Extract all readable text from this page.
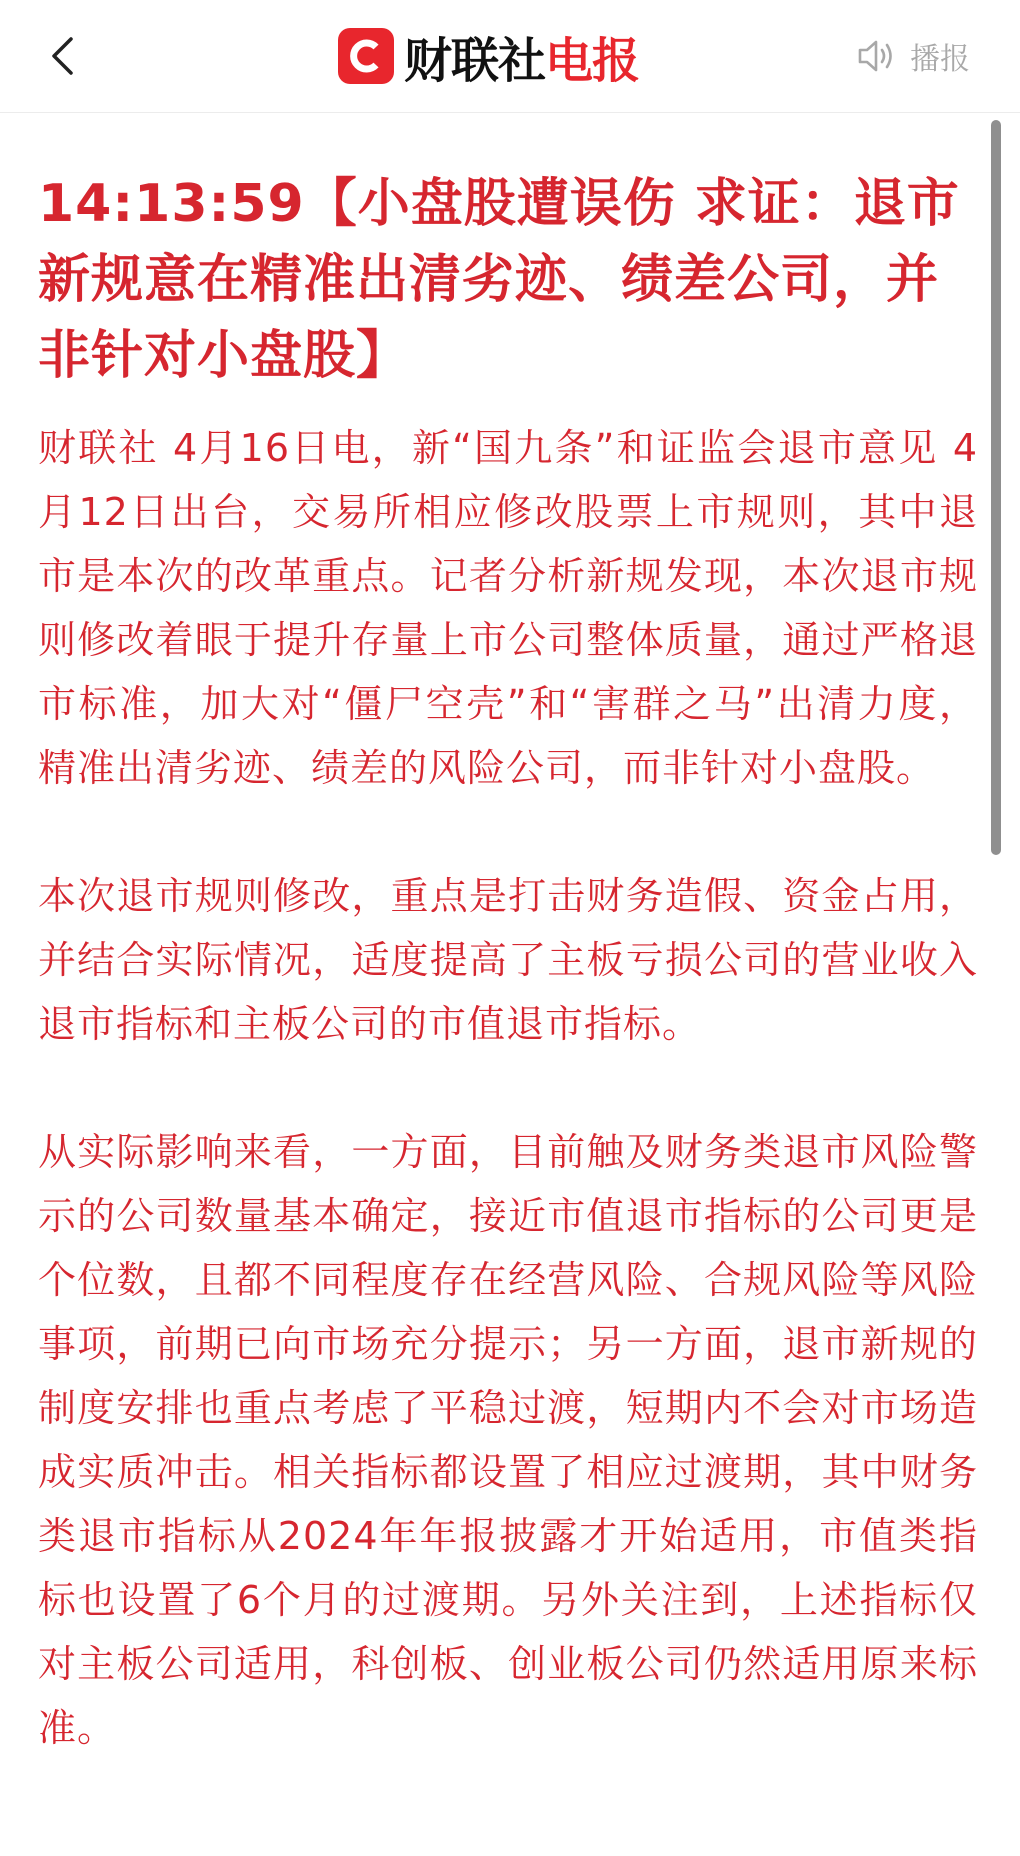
财联社 电报	播报
14:13:59【小盘股遭误伤 求证：退市新规意在精准出清劣迹、绩差公司，并非针对小盘股】

财联社 4月16日电，新“国九条”和证监会退市意见 4月12日出台，交易所相应修改股票上市规则，其中退市是本次的改革重点。记者分析新规发现，本次退市规则修改着眼于提升存量上市公司整体质量，通过严格退市标准，加大对“僵尸空壳”和“害群之马”出清力度，精准出清劣迹、绩差的风险公司，而非针对小盘股。

本次退市规则修改，重点是打击财务造假、资金占用，并结合实际情况，适度提高了主板亏损公司的营业收入退市指标和主板公司的市值退市指标。

从实际影响来看，一方面，目前触及财务类退市风险警示的公司数量基本确定，接近市值退市指标的公司更是个位数，且都不同程度存在经营风险、合规风险等风险事项，前期已向市场充分提示；另一方面，退市新规的制度安排也重点考虑了平稳过渡，短期内不会对市场造成实质冲击。相关指标都设置了相应过渡期，其中财务类退市指标从2024年年报披露才开始适用，市值类指标也设置了6个月的过渡期。另外关注到，上述指标仅对主板公司适用，科创板、创业板公司仍然适用原来标准。
